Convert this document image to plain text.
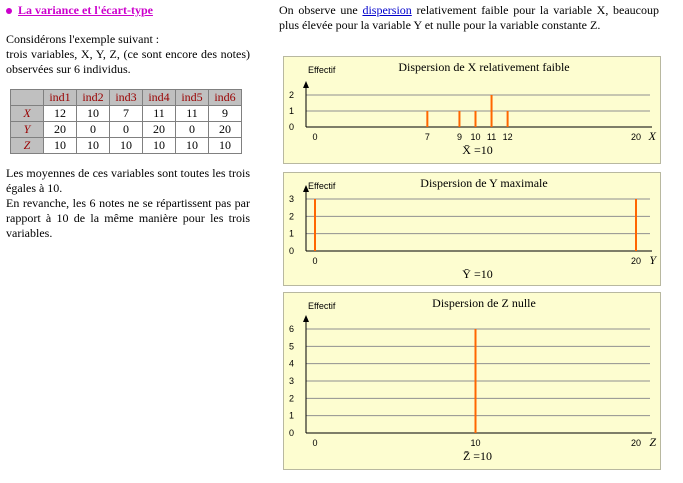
La variance et l'écart-type

Considérons l'exemple suivant :

trois variables, X, Y, Z, (ce sont encore des notes) observées sur 6 individus.

	ind1	ind2	ind3	ind4	ind5	ind6
X	12	10	7	11	11	9
Y	20	0	0	20	0	20
Z	10	10	10	10	10	10

Les moyennes de ces variables sont toutes les trois égales à 10.

En revanche, les 6 notes ne se répartissent pas par rapport à 10 de la même manière pour les trois variables.

On observe une dispersion relativement faible pour la variable X, beaucoup plus élevée pour la variable Y et nulle pour la variable constante Z.

Dispersion de X relativement faible
Effectif
0
1
2
0	7	9 10 11 12	20 X
X̄ =10
Dispersion de Y maximale
Effectif
0
1
2
3
0	20 Y
Ȳ =10
Dispersion de Z nulle
Effectif
0
1
2
3
4
5
6
0	10	20 Z
Z̄ =10
